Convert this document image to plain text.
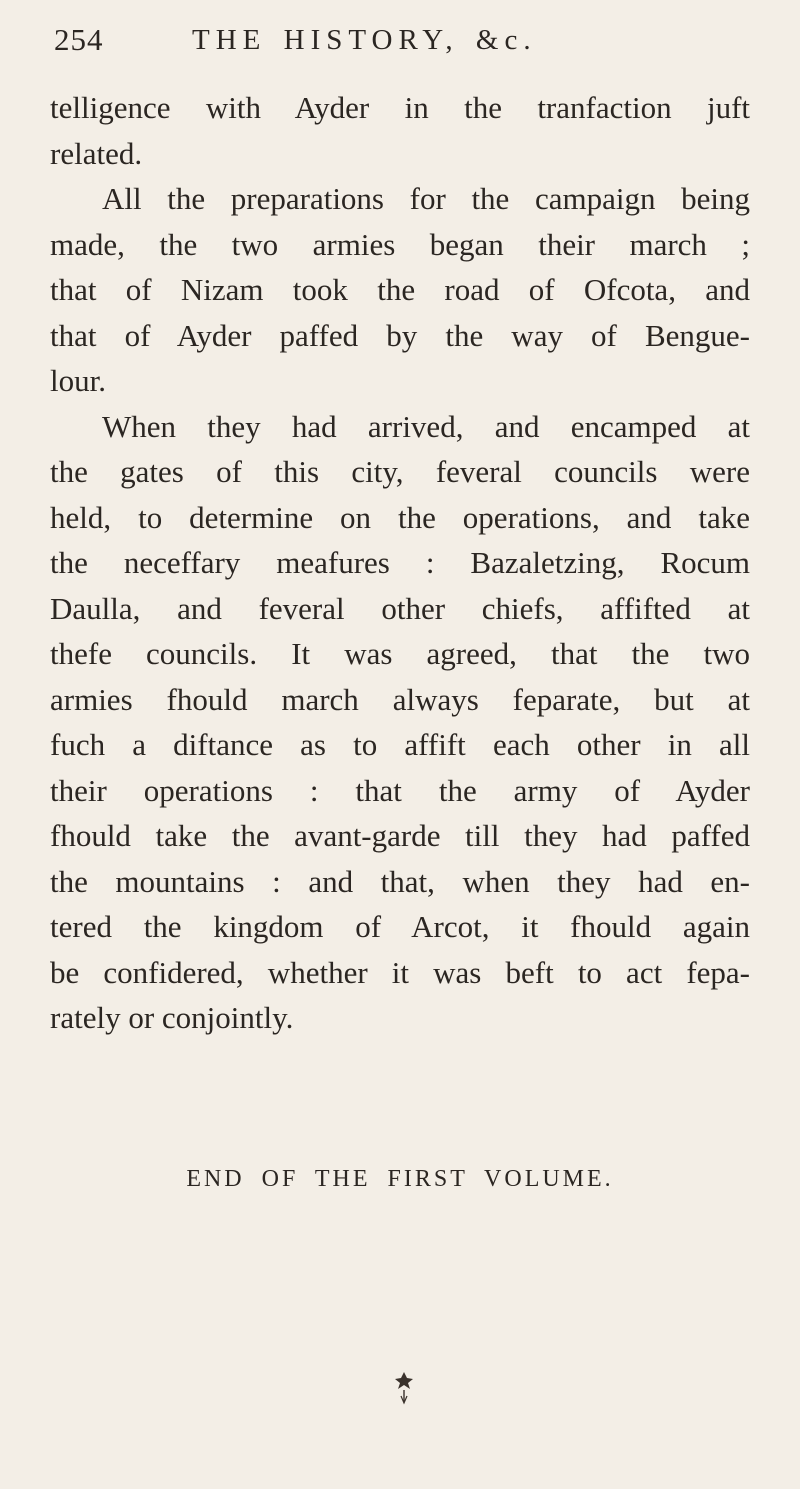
254	THE HISTORY, &c.
telligence with Ayder in the tranfaction juft
related.
All the preparations for the campaign being
made, the two armies began their march ;
that of Nizam took the road of Ofcota, and
that of Ayder paffed by the way of Bengue-
lour.
When they had arrived, and encamped at
the gates of this city, feveral councils were
held, to determine on the operations, and take
the neceffary meafures : Bazaletzing, Rocum
Daulla, and feveral other chiefs, affifted at
thefe councils. It was agreed, that the two
armies fhould march always feparate, but at
fuch a diftance as to affift each other in all
their operations : that the army of Ayder
fhould take the avant-garde till they had paffed
the mountains : and that, when they had en-
tered the kingdom of Arcot, it fhould again
be confidered, whether it was beft to act fepa-
rately or conjointly.
END OF THE FIRST VOLUME.
